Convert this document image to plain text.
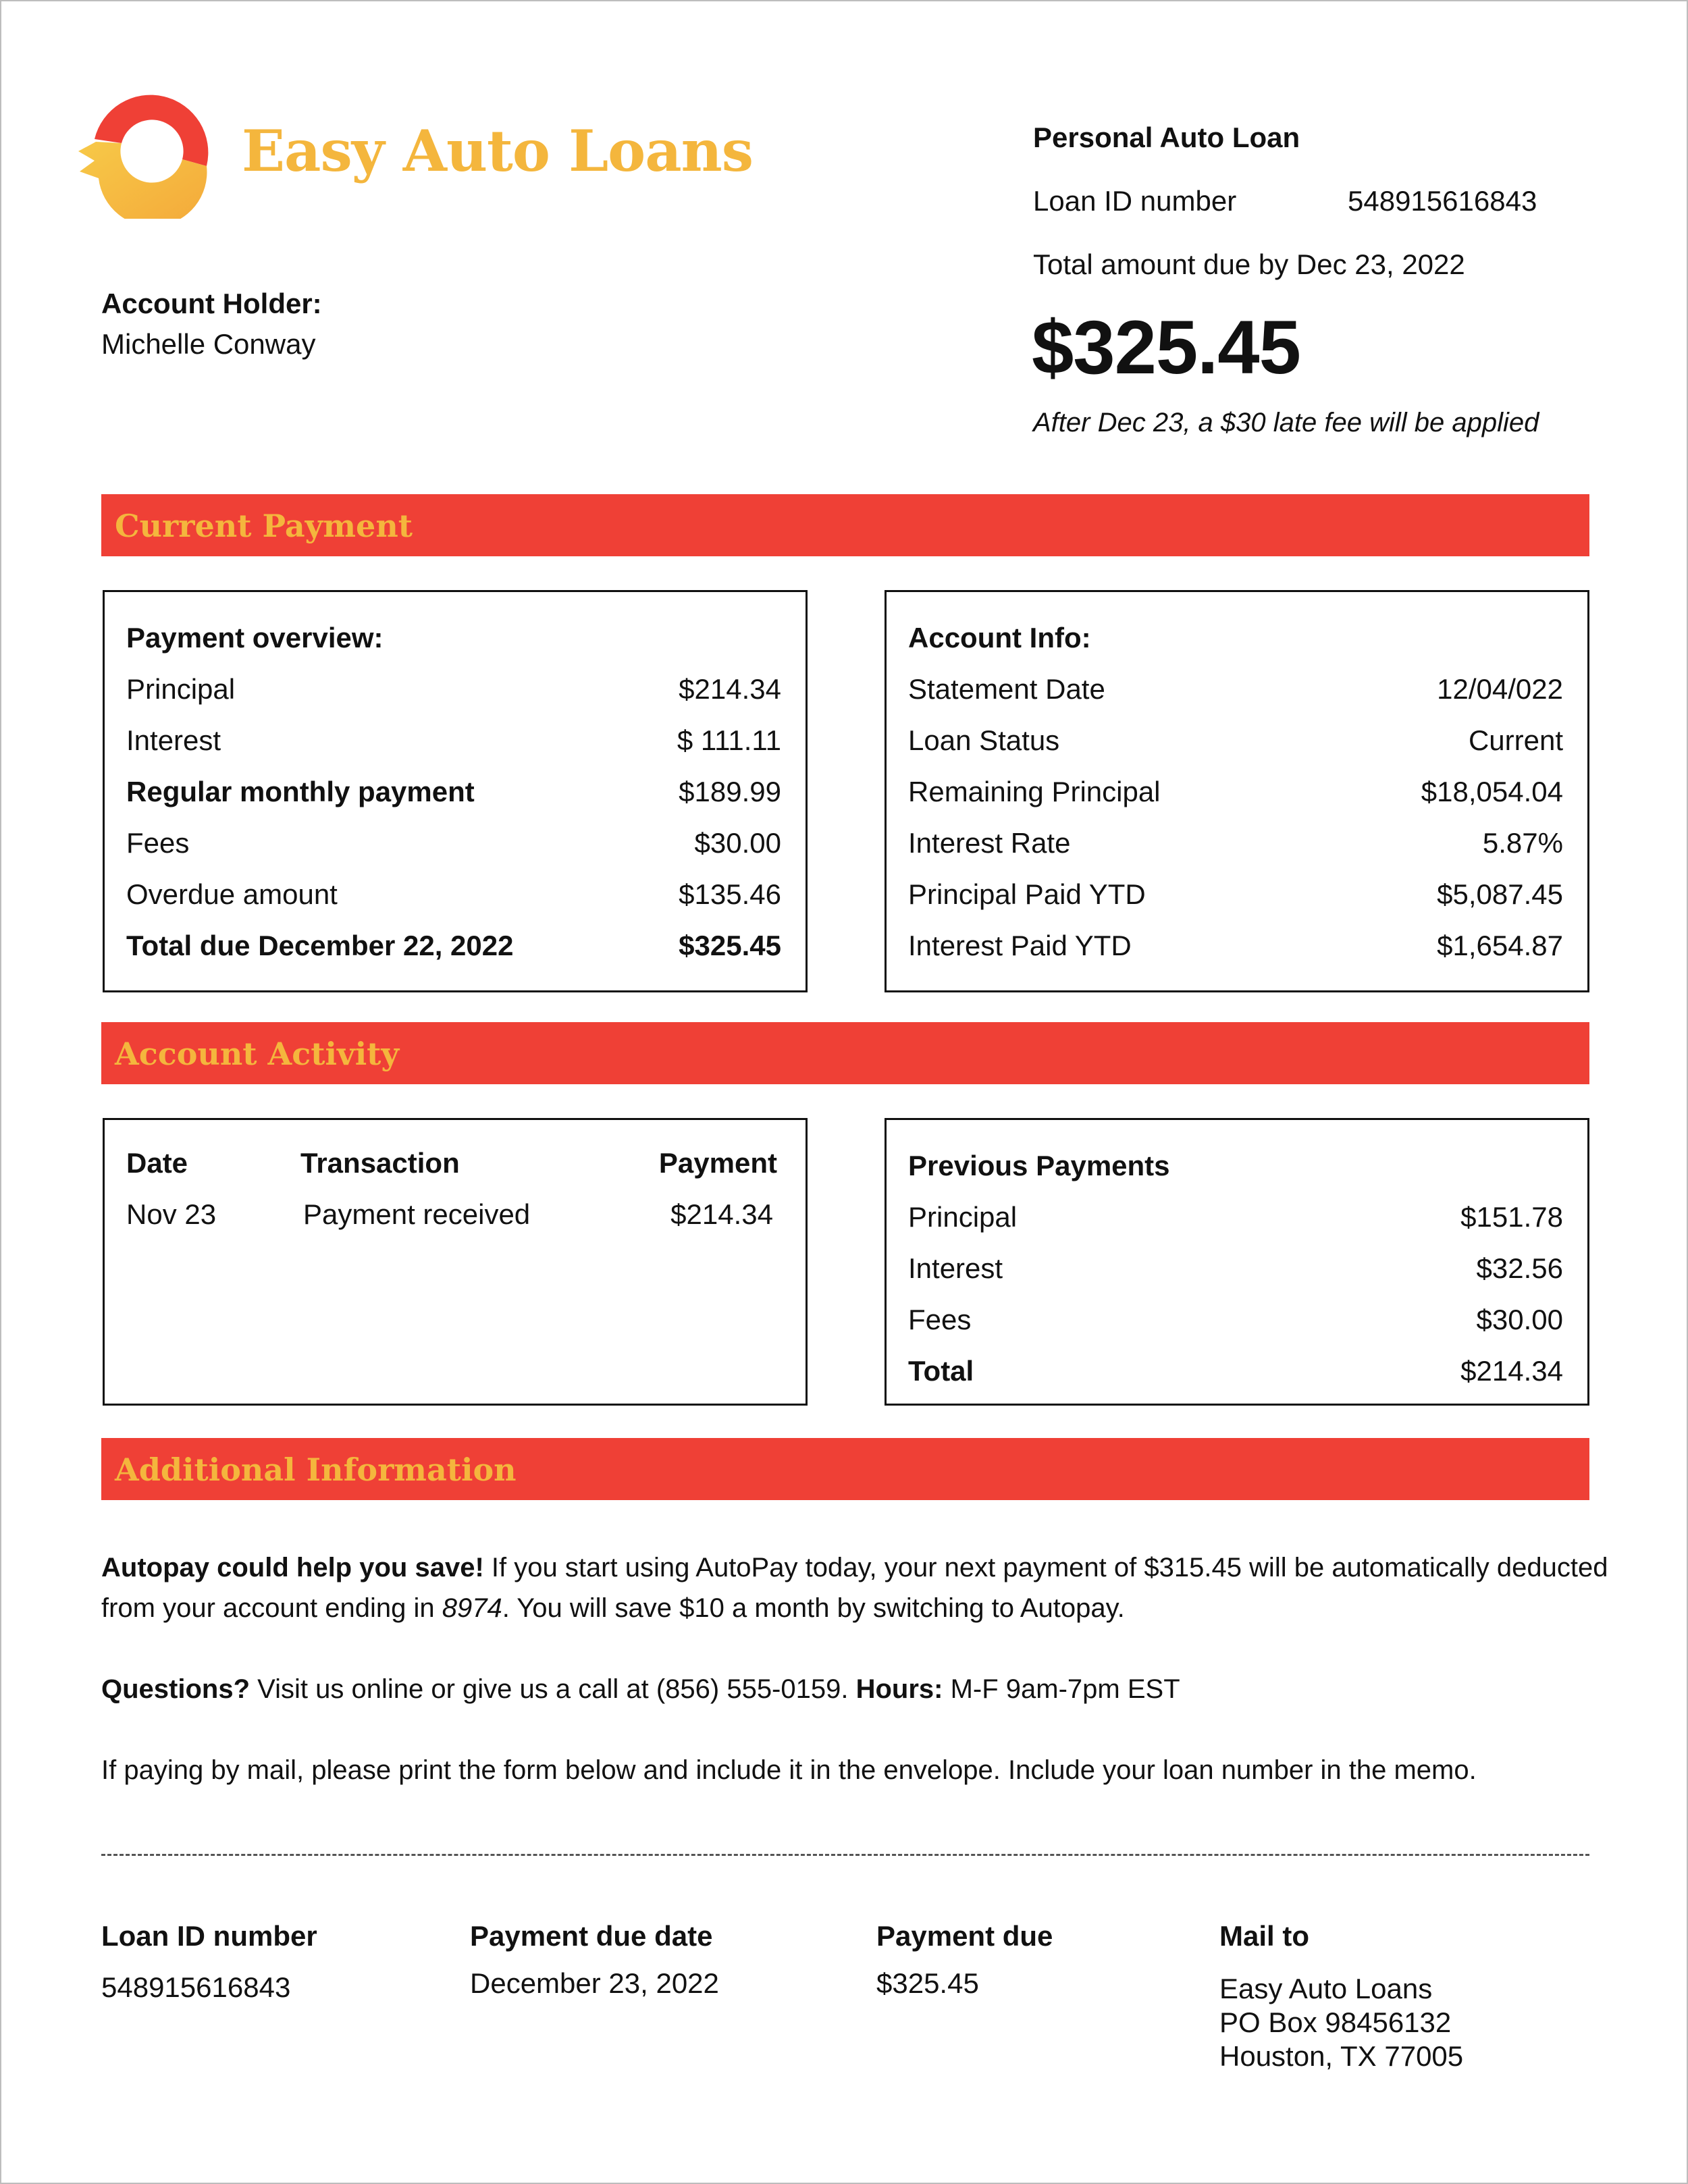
Easy Auto Loans	Personal Auto Loan
Loan ID number	548915616843
Total amount due by Dec 23, 2022
$325.45
After Dec 23, a $30 late fee will be applied
Account Holder:
Michelle Conway
Current Payment
Payment overview:
Principal	$214.34
Interest	$ 111.11
Regular monthly payment	$189.99
Fees	$30.00
Overdue amount	$135.46
Total due December 22, 2022	$325.45
Account Info:
Statement Date	12/04/022
Loan Status	Current
Remaining Principal	$18,054.04
Interest Rate	5.87%
Principal Paid YTD	$5,087.45
Interest Paid YTD	$1,654.87
Account Activity
Date	Transaction	Payment
Nov 23	Payment received	$214.34
Previous Payments
Principal	$151.78
Interest	$32.56
Fees	$30.00
Total	$214.34
Additional Information
Autopay could help you save! If you start using AutoPay today, your next payment of $315.45 will be automatically deducted from your account ending in 8974. You will save $10 a month by switching to Autopay.
Questions? Visit us online or give us a call at (856) 555-0159. Hours: M-F 9am-7pm EST
If paying by mail, please print the form below and include it in the envelope. Include your loan number in the memo.
Loan ID number
548915616843
Payment due date
December 23, 2022
Payment due
$325.45
Mail to
Easy Auto Loans
PO Box 98456132
Houston, TX 77005
